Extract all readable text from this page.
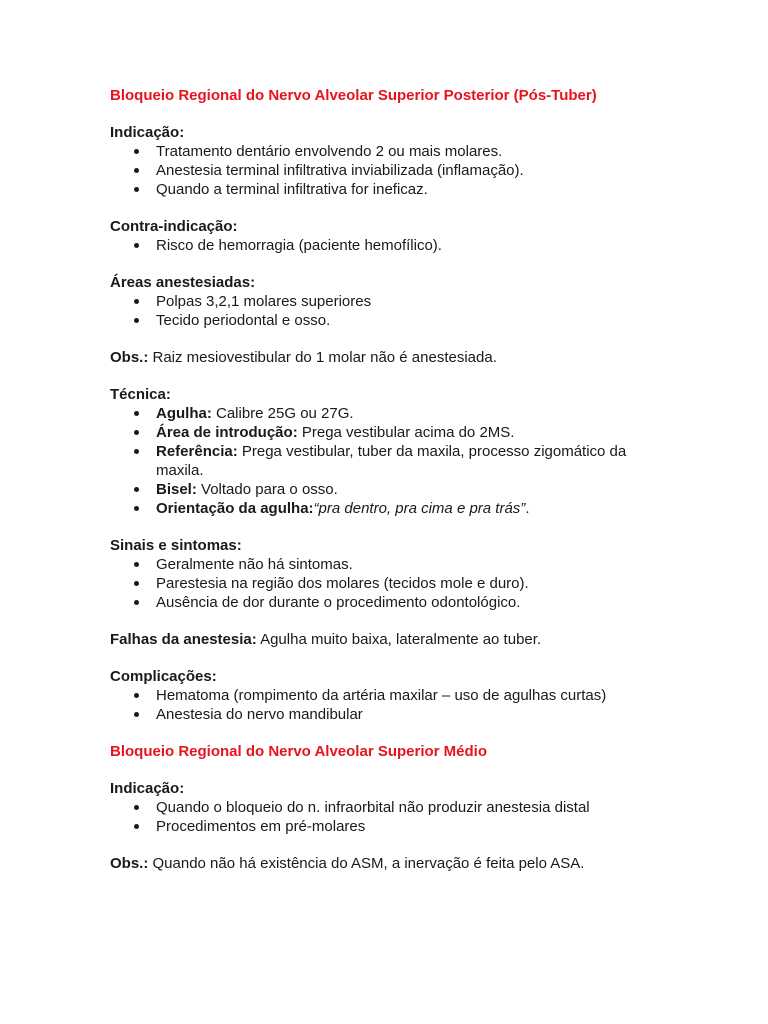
Bloqueio Regional do Nervo Alveolar Superior Posterior (Pós-Tuber)

Indicação:

Tratamento dentário envolvendo 2 ou mais molares.
Anestesia terminal infiltrativa inviabilizada (inflamação).
Quando a terminal infiltrativa for ineficaz.

Contra-indicação:

Risco de hemorragia (paciente hemofílico).

Áreas anestesiadas:

Polpas 3,2,1 molares superiores
Tecido periodontal e osso.

Obs.: Raiz mesiovestibular do 1 molar não é anestesiada.

Técnica:

Agulha: Calibre 25G ou 27G.
Área de introdução: Prega vestibular acima do 2MS.
Referência: Prega vestibular, tuber da maxila, processo zigomático da maxila.
Bisel: Voltado para o osso.
Orientação da agulha:“pra dentro, pra cima e pra trás”.

Sinais e sintomas:

Geralmente não há sintomas.
Parestesia na região dos molares (tecidos mole e duro).
Ausência de dor durante o procedimento odontológico.

Falhas da anestesia: Agulha muito baixa, lateralmente ao tuber.

Complicações:

Hematoma (rompimento da artéria maxilar – uso de agulhas curtas)
Anestesia do nervo mandibular

Bloqueio Regional do Nervo Alveolar Superior Médio

Indicação:

Quando o bloqueio do n. infraorbital não produzir anestesia distal
Procedimentos em pré-molares

Obs.: Quando não há existência do ASM, a inervação é feita pelo ASA.
